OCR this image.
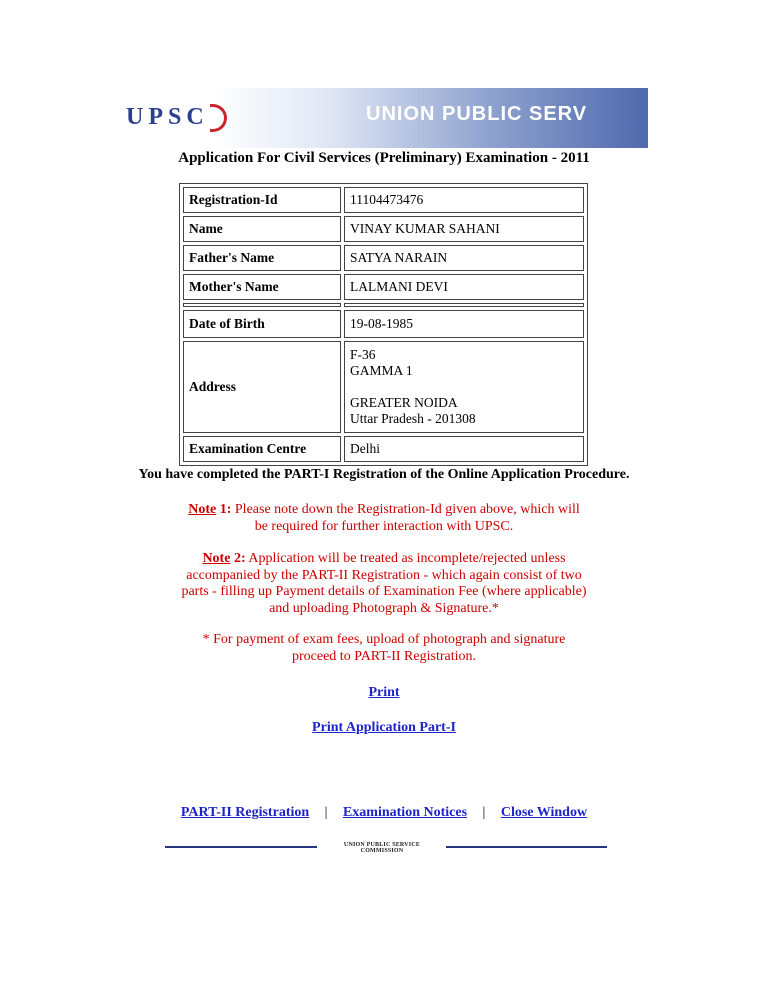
UPSC	UNION PUBLIC SERV
Application For Civil Services (Preliminary) Examination - 2011
Registration-Id	11104473476
Name	VINAY KUMAR SAHANI
Father's Name	SATYA NARAIN
Mother's Name	LALMANI DEVI

Date of Birth	19-08-1985
Address	F-36
GAMMA 1

GREATER NOIDA
Uttar Pradesh - 201308

Examination Centre	Delhi
You have completed the PART-I Registration of the Online Application Procedure.
Note 1: Please note down the Registration-Id given above, which will be required for further interaction with UPSC.
Note 2: Application will be treated as incomplete/rejected unless accompanied by the PART-II Registration - which again consist of two parts - filling up Payment details of Examination Fee (where applicable) and uploading Photograph & Signature.*
* For payment of exam fees, upload of photograph and signature proceed to PART-II Registration.
Print
Print Application Part-I
PART-II Registration | Examination Notices | Close Window
UNION PUBLIC SERVICE COMMISSION
